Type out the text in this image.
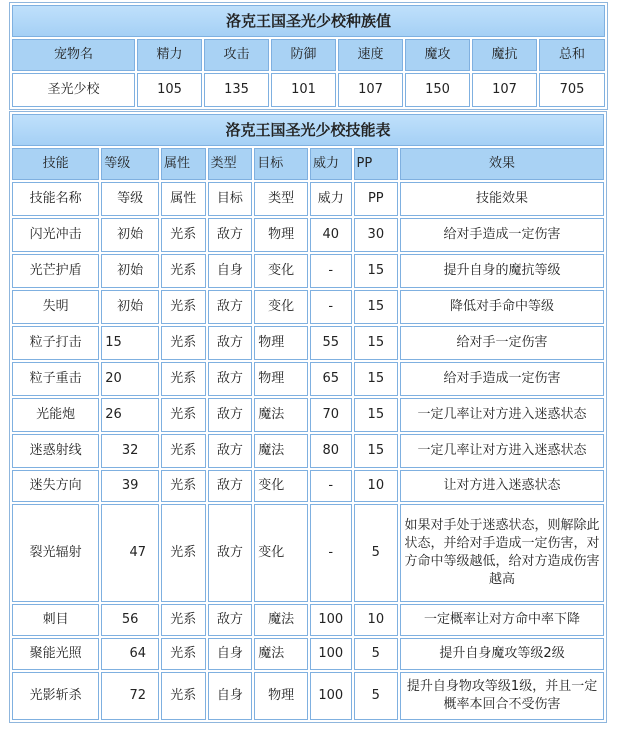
洛克王国圣光少校种族值							
宠物名	精力	攻击	防御	速度	魔攻	魔抗	总和
圣光少校	105	135	101	107	150	107	705
洛克王国圣光少校技能表							
技能	等级	属性	类型	目标	威力	PP	效果
技能名称	等级	属性	目标	类型	威力	PP	技能效果
闪光冲击	初始	光系	敌方	物理	40	30	给对手造成一定伤害
光芒护盾	初始	光系	自身	变化	-	15	提升自身的魔抗等级
失明	初始	光系	敌方	变化	-	15	降低对手命中等级
粒子打击	15	光系	敌方	物理	55	15	给对手一定伤害
粒子重击	20	光系	敌方	物理	65	15	给对手造成一定伤害
光能炮	26	光系	敌方	魔法	70	15	一定几率让对方进入迷惑状态
迷惑射线	32	光系	敌方	魔法	80	15	一定几率让对方进入迷惑状态
迷失方向	39	光系	敌方	变化	-	10	让对方进入迷惑状态
裂光辐射	47	光系	敌方	变化	-	5	如果对手处于迷惑状态，则解除此状态，并给对手造成一定伤害，对方命中等级越低，给对方造成伤害越高
刺目	56	光系	敌方	魔法	100	10	一定概率让对方命中率下降
聚能光照	64	光系	自身	魔法	100	5	提升自身魔攻等级2级
光影斩杀	72	光系	自身	物理	100	5	提升自身物攻等级1级，并且一定概率本回合不受伤害
